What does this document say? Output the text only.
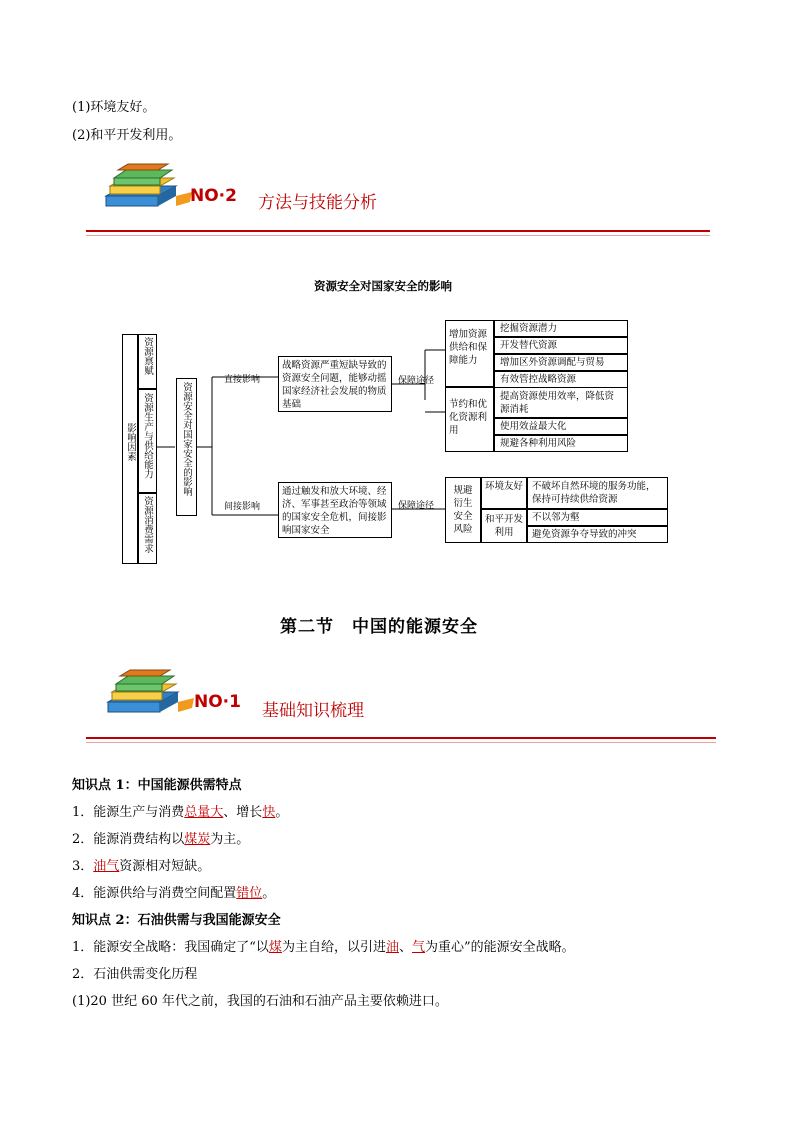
(1)环境友好。
(2)和平开发利用。
NO·2 方法与技能分析
资源安全对国家安全的影响
影响因素
资源禀赋
资源生产与供给能力
资源消费需求
资源安全对国家安全的影响
直接影响
间接影响
战略资源严重短缺导致的资源安全问题，能够动摇国家经济社会发展的物质基础
通过触发和放大环境、经济、军事甚至政治等领域的国家安全危机，间接影响国家安全
保障途径
保障途径
增加资源供给和保障能力
挖掘资源潜力
开发替代资源
增加区外资源调配与贸易
有效管控战略资源
节约和优化资源利用
提高资源使用效率，降低资源消耗
使用效益最大化
规避各种利用风险
规避衍生安全风险
环境友好 不破坏自然环境的服务功能，保持可持续供给资源
和平开发利用
不以邻为壑
避免资源争夺导致的冲突
第二节　中国的能源安全
NO·1 基础知识梳理
知识点 1：中国能源供需特点
1．能源生产与消费总量大、增长快。
2．能源消费结构以煤炭为主。
3．油气资源相对短缺。
4．能源供给与消费空间配置错位。
知识点 2：石油供需与我国能源安全
1．能源安全战略：我国确定了“以煤为主自给，以引进油、气为重心”的能源安全战略。
2．石油供需变化历程
(1)20 世纪 60 年代之前，我国的石油和石油产品主要依赖进口。
